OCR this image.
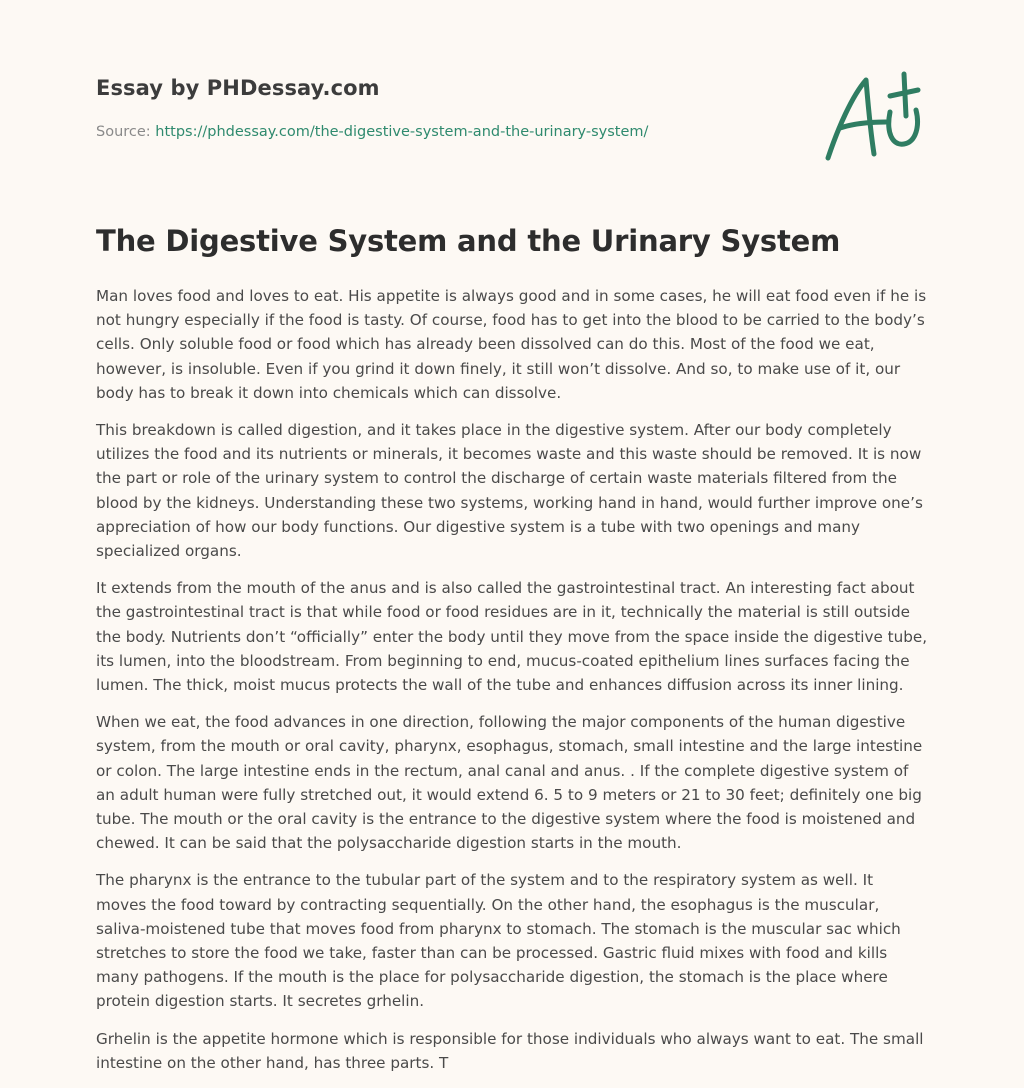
Essay by PHDessay.com
Source: https://phdessay.com/the-digestive-system-and-the-urinary-system/
The Digestive System and the Urinary System

Man loves food and loves to eat. His appetite is always good and in some cases, he will eat food even if he is not hungry especially if the food is tasty. Of course, food has to get into the blood to be carried to the body’s cells. Only soluble food or food which has already been dissolved can do this. Most of the food we eat, however, is insoluble. Even if you grind it down finely, it still won’t dissolve. And so, to make use of it, our body has to break it down into chemicals which can dissolve.

This breakdown is called digestion, and it takes place in the digestive system. After our body completely utilizes the food and its nutrients or minerals, it becomes waste and this waste should be removed. It is now the part or role of the urinary system to control the discharge of certain waste materials filtered from the blood by the kidneys. Understanding these two systems, working hand in hand, would further improve one’s appreciation of how our body functions. Our digestive system is a tube with two openings and many specialized organs.

It extends from the mouth of the anus and is also called the gastrointestinal tract. An interesting fact about the gastrointestinal tract is that while food or food residues are in it, technically the material is still outside the body. Nutrients don’t “officially” enter the body until they move from the space inside the digestive tube, its lumen, into the bloodstream. From beginning to end, mucus-coated epithelium lines surfaces facing the lumen. The thick, moist mucus protects the wall of the tube and enhances diffusion across its inner lining.

When we eat, the food advances in one direction, following the major components of the human digestive system, from the mouth or oral cavity, pharynx, esophagus, stomach, small intestine and the large intestine or colon. The large intestine ends in the rectum, anal canal and anus. . If the complete digestive system of an adult human were fully stretched out, it would extend 6. 5 to 9 meters or 21 to 30 feet; definitely one big tube. The mouth or the oral cavity is the entrance to the digestive system where the food is moistened and chewed. It can be said that the polysaccharide digestion starts in the mouth.

The pharynx is the entrance to the tubular part of the system and to the respiratory system as well. It moves the food toward by contracting sequentially. On the other hand, the esophagus is the muscular, saliva-moistened tube that moves food from pharynx to stomach. The stomach is the muscular sac which stretches to store the food we take, faster than can be processed. Gastric fluid mixes with food and kills many pathogens. If the mouth is the place for polysaccharide digestion, the stomach is the place where protein digestion starts. It secretes grhelin.

Grhelin is the appetite hormone which is responsible for those individuals who always want to eat. The small intestine on the other hand, has three parts. T
